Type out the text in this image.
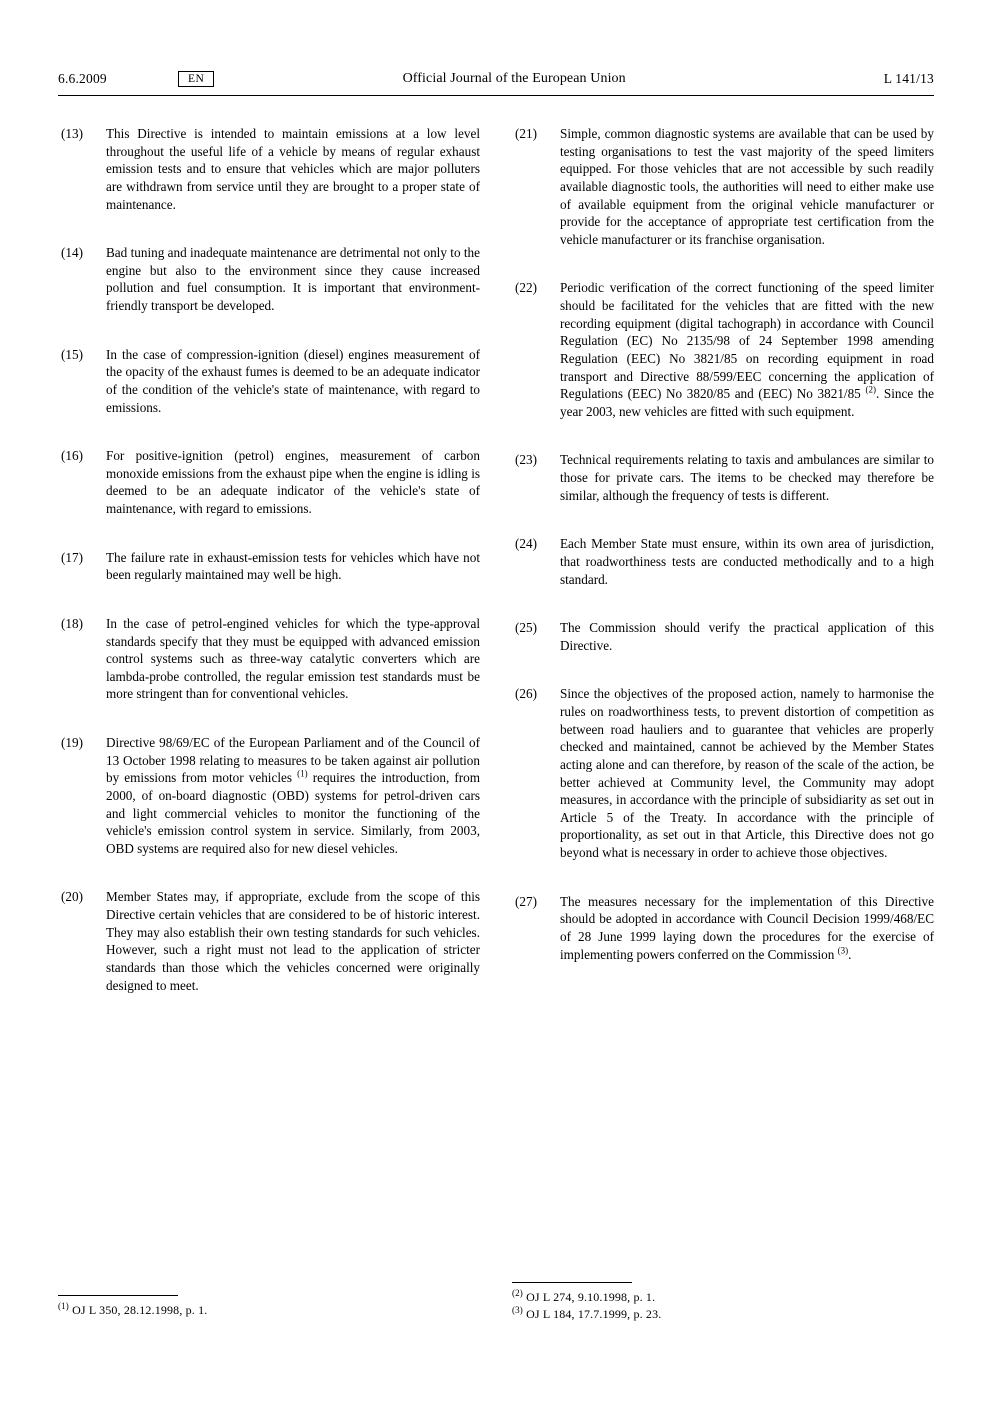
6.6.2009	EN	Official Journal of the European Union	L 141/13
(13)	This Directive is intended to maintain emissions at a low level throughout the useful life of a vehicle by means of regular exhaust emission tests and to ensure that vehicles which are major polluters are withdrawn from service until they are brought to a proper state of maintenance.
(14)	Bad tuning and inadequate maintenance are detrimental not only to the engine but also to the environment since they cause increased pollution and fuel consumption. It is important that environment-friendly transport be developed.
(15)	In the case of compression-ignition (diesel) engines measurement of the opacity of the exhaust fumes is deemed to be an adequate indicator of the condition of the vehicle's state of maintenance, with regard to emissions.
(16)	For positive-ignition (petrol) engines, measurement of carbon monoxide emissions from the exhaust pipe when the engine is idling is deemed to be an adequate indicator of the vehicle's state of maintenance, with regard to emissions.
(17)	The failure rate in exhaust-emission tests for vehicles which have not been regularly maintained may well be high.
(18)	In the case of petrol-engined vehicles for which the type-approval standards specify that they must be equipped with advanced emission control systems such as three-way catalytic converters which are lambda-probe controlled, the regular emission test standards must be more stringent than for conventional vehicles.
(19)	Directive 98/69/EC of the European Parliament and of the Council of 13 October 1998 relating to measures to be taken against air pollution by emissions from motor vehicles $^{(1)}$ requires the introduction, from 2000, of on-board diagnostic (OBD) systems for petrol-driven cars and light commercial vehicles to monitor the functioning of the vehicle's emission control system in service. Similarly, from 2003, OBD systems are required also for new diesel vehicles.
(20)	Member States may, if appropriate, exclude from the scope of this Directive certain vehicles that are considered to be of historic interest. They may also establish their own testing standards for such vehicles. However, such a right must not lead to the application of stricter standards than those which the vehicles concerned were originally designed to meet.
(21)	Simple, common diagnostic systems are available that can be used by testing organisations to test the vast majority of the speed limiters equipped. For those vehicles that are not accessible by such readily available diagnostic tools, the authorities will need to either make use of available equipment from the original vehicle manufacturer or provide for the acceptance of appropriate test certification from the vehicle manufacturer or its franchise organisation.
(22)	Periodic verification of the correct functioning of the speed limiter should be facilitated for the vehicles that are fitted with the new recording equipment (digital tachograph) in accordance with Council Regulation (EC) No 2135/98 of 24 September 1998 amending Regulation (EEC) No 3821/85 on recording equipment in road transport and Directive 88/599/EEC concerning the application of Regulations (EEC) No 3820/85 and (EEC) No 3821/85 $^{(2)}$. Since the year 2003, new vehicles are fitted with such equipment.
(23)	Technical requirements relating to taxis and ambulances are similar to those for private cars. The items to be checked may therefore be similar, although the frequency of tests is different.
(24)	Each Member State must ensure, within its own area of jurisdiction, that roadworthiness tests are conducted methodically and to a high standard.
(25)	The Commission should verify the practical application of this Directive.
(26)	Since the objectives of the proposed action, namely to harmonise the rules on roadworthiness tests, to prevent distortion of competition as between road hauliers and to guarantee that vehicles are properly checked and maintained, cannot be achieved by the Member States acting alone and can therefore, by reason of the scale of the action, be better achieved at Community level, the Community may adopt measures, in accordance with the principle of subsidiarity as set out in Article 5 of the Treaty. In accordance with the principle of proportionality, as set out in that Article, this Directive does not go beyond what is necessary in order to achieve those objectives.
(27)	The measures necessary for the implementation of this Directive should be adopted in accordance with Council Decision 1999/468/EC of 28 June 1999 laying down the procedures for the exercise of implementing powers conferred on the Commission $^{(3)}$.
$^{(1)}$ OJ L 350, 28.12.1998, p. 1.
$^{(2)}$ OJ L 274, 9.10.1998, p. 1.
$^{(3)}$ OJ L 184, 17.7.1999, p. 23.
